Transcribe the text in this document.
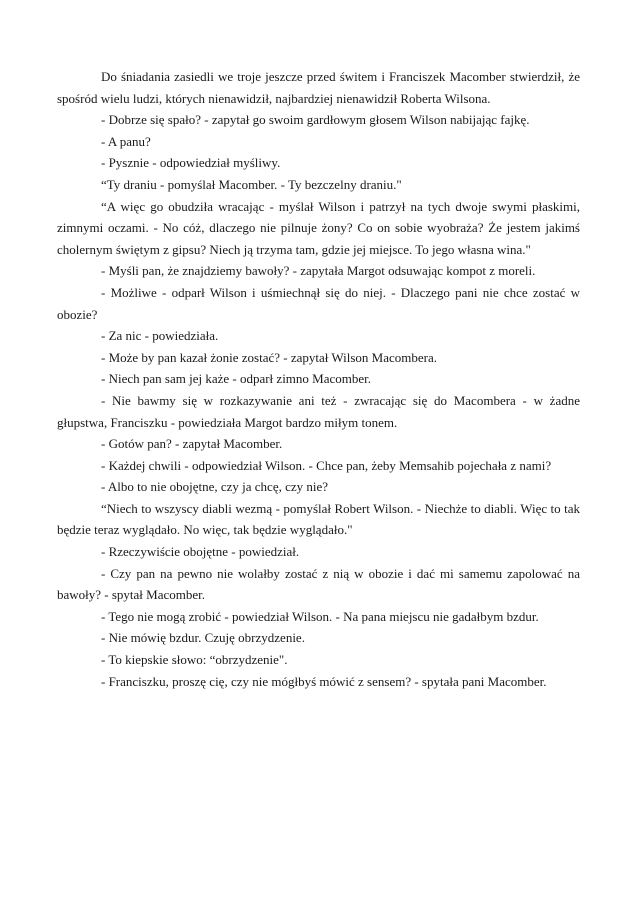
Do śniadania zasiedli we troje jeszcze przed świtem i Franciszek Macomber stwierdził, że spośród wielu ludzi, których nienawidził, najbardziej nienawidził Roberta Wilsona.

- Dobrze się spało? - zapytał go swoim gardłowym głosem Wilson nabijając fajkę.

- A panu?

- Pysznie - odpowiedział myśliwy.

“Ty draniu - pomyślał Macomber. - Ty bezczelny draniu."

“A więc go obudziła wracając - myślał Wilson i patrzył na tych dwoje swymi płaskimi, zimnymi oczami. - No cóż, dlaczego nie pilnuje żony? Co on sobie wyobraża? Że jestem jakimś cholernym świętym z gipsu? Niech ją trzyma tam, gdzie jej miejsce. To jego własna wina."

- Myśli pan, że znajdziemy bawoły? - zapytała Margot odsuwając kompot z moreli.

- Możliwe - odparł Wilson i uśmiechnął się do niej. - Dlaczego pani nie chce zostać w obozie?

- Za nic - powiedziała.

- Może by pan kazał żonie zostać? - zapytał Wilson Macombera.

- Niech pan sam jej każe - odparł zimno Macomber.

- Nie bawmy się w rozkazywanie ani też - zwracając się do Macombera - w żadne głupstwa, Franciszku - powiedziała Margot bardzo miłym tonem.

- Gotów pan? - zapytał Macomber.

- Każdej chwili - odpowiedział Wilson. - Chce pan, żeby Memsahib pojechała z nami?

- Albo to nie obojętne, czy ja chcę, czy nie?

“Niech to wszyscy diabli wezmą - pomyślał Robert Wilson. - Niechże to diabli. Więc to tak będzie teraz wyglądało. No więc, tak będzie wyglądało."

- Rzeczywiście obojętne - powiedział.

- Czy pan na pewno nie wolałby zostać z nią w obozie i dać mi samemu zapolować na bawoły? - spytał Macomber.

- Tego nie mogą zrobić - powiedział Wilson. - Na pana miejscu nie gadałbym bzdur.

- Nie mówię bzdur. Czuję obrzydzenie.

- To kiepskie słowo: “obrzydzenie".

- Franciszku, proszę cię, czy nie mógłbyś mówić z sensem? - spytała pani Macomber.
